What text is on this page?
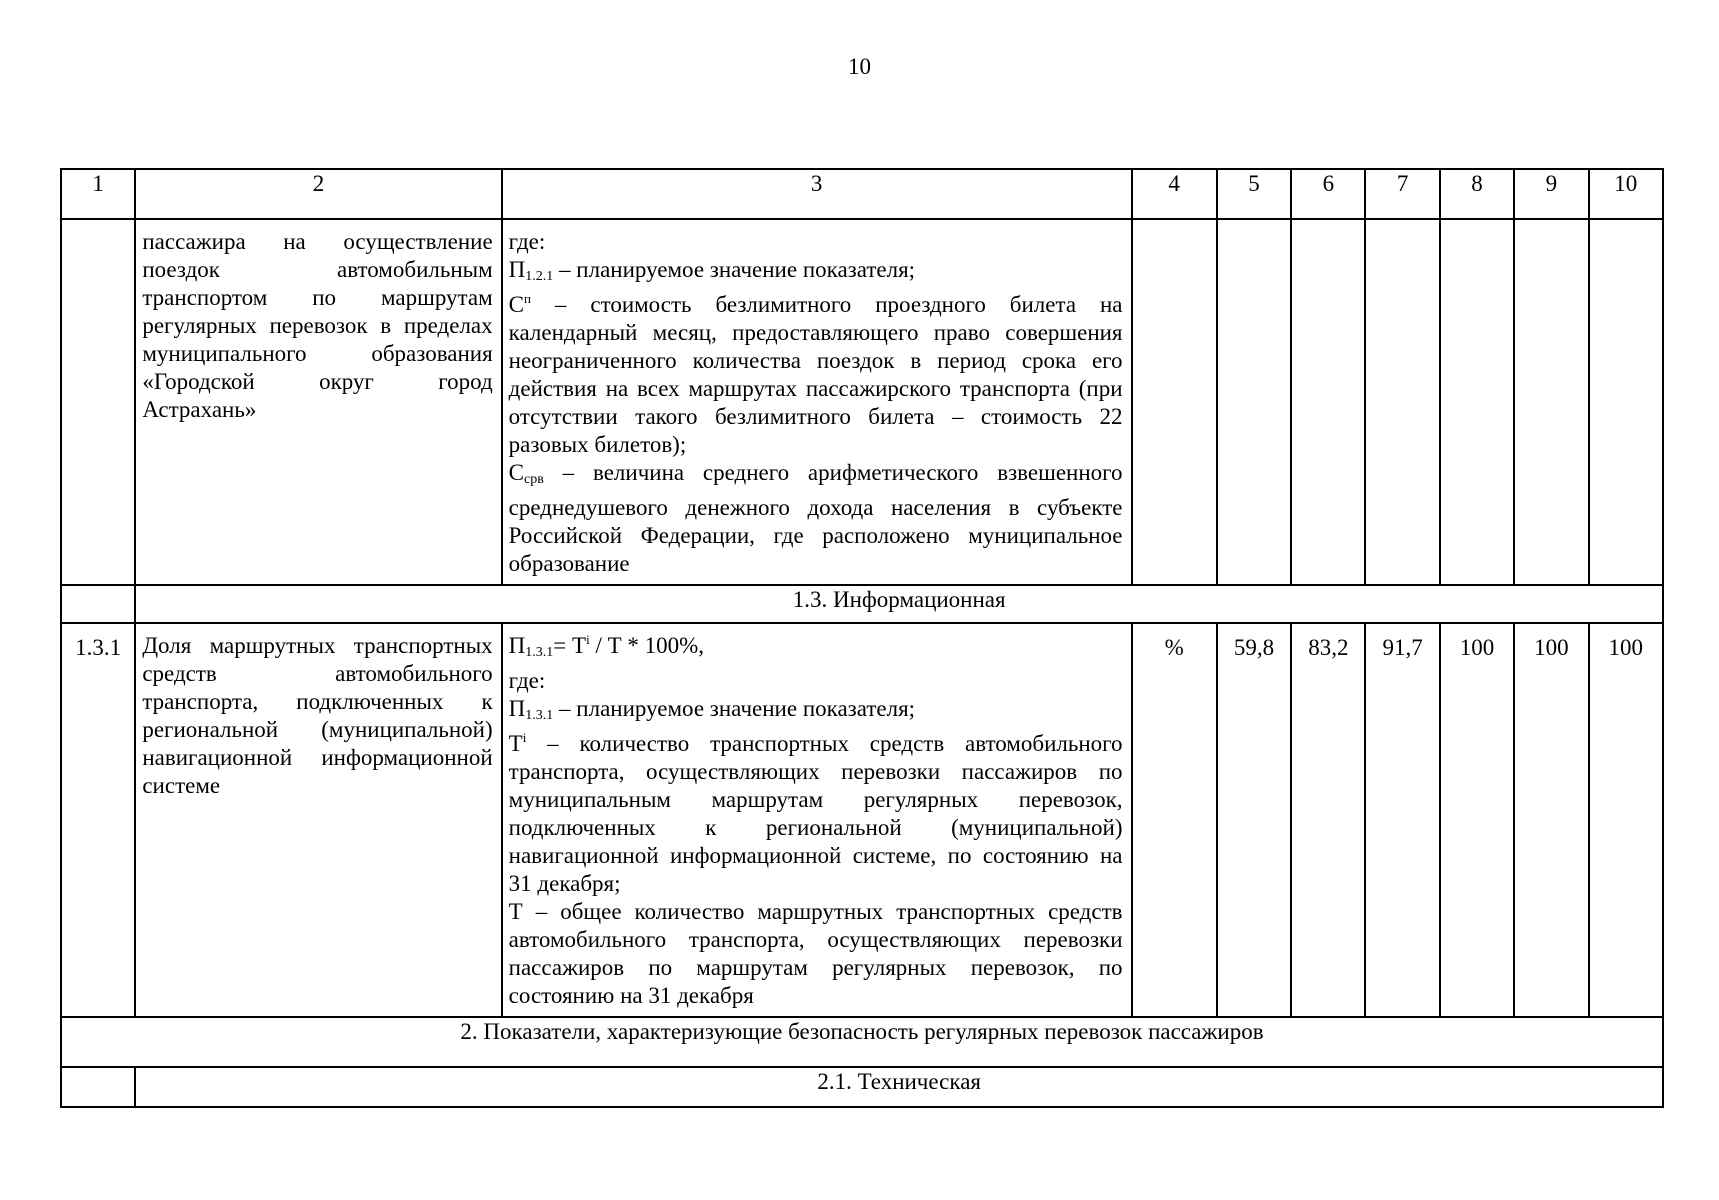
10
1	2	3	4	5	6	7	8	9	10

	пассажира на осуществление поездок автомобильным транспортом по маршрутам регулярных перевозок в пределах муниципального образования «Городской округ город Астрахань»	где:
$П_{1.2.1}$ – планируемое значение показателя;
$С^п$ – стоимость безлимитного проездного билета на календарный месяц, предоставляющего право совершения неограниченного количества поездок в период срока его действия на всех маршрутах пассажирского транспорта (при отсутствии такого безлимитного билета – стоимость 22 разовых билетов);
$С_{срв}$ – величина среднего арифметического взвешенного среднедушевого денежного дохода населения в субъекте Российской Федерации, где расположено муниципальное образование							

	1.3. Информационная								
1.3.1	Доля маршрутных транспортных средств автомобильного транспорта, подключенных к региональной (муниципальной) навигационной информационной системе	$П_{1.3.1}= Т^i / Т * 100\%$,
где:
$П_{1.3.1}$ – планируемое значение показателя;
$Т^i$ – количество транспортных средств автомобильного транспорта, осуществляющих перевозки пассажиров по муниципальным маршрутам регулярных перевозок, подключенных к региональной (муниципальной) навигационной информационной системе, по состоянию на 31 декабря;
Т – общее количество маршрутных транспортных средств автомобильного транспорта, осуществляющих перевозки пассажиров по маршрутам регулярных перевозок, по состоянию на 31 декабря	%	59,8	83,2	91,7	100	100	100
2. Показатели, характеризующие безопасность регулярных перевозок пассажиров									
	2.1. Техническая								
